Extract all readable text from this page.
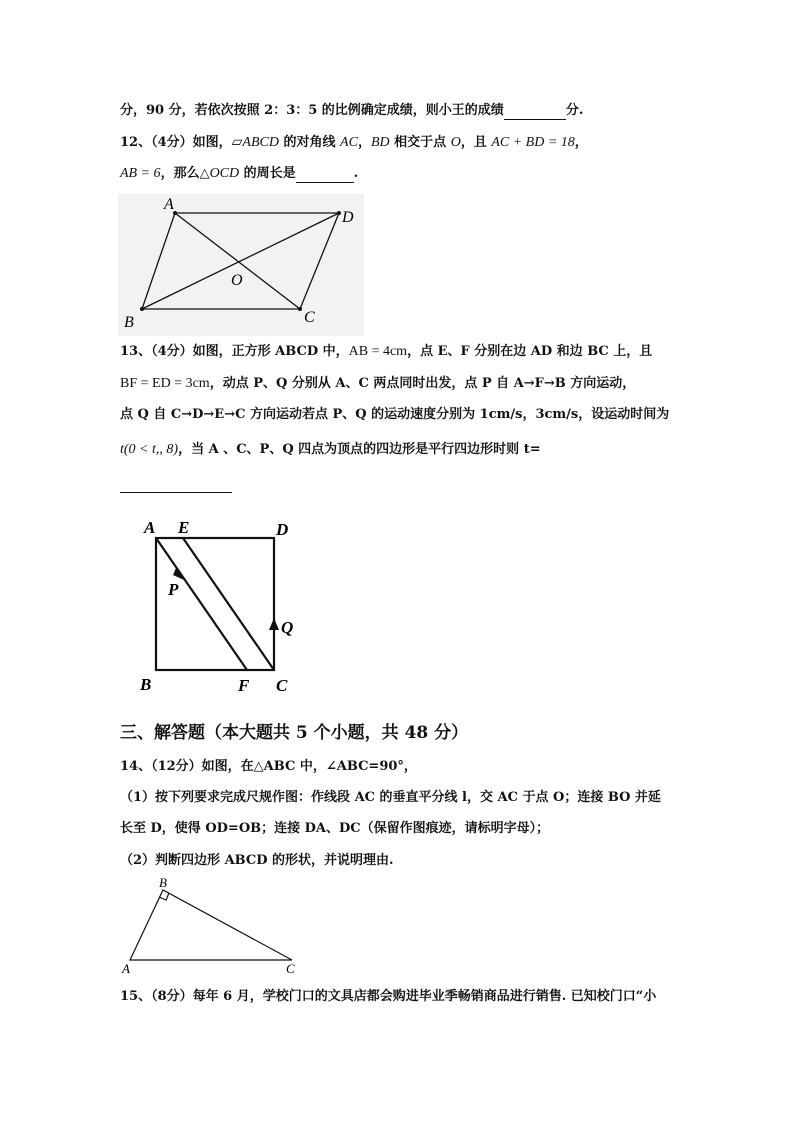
分，90 分，若依次按照 2：3：5 的比例确定成绩，则小王的成绩	分.
12、（4分）如图，▱ABCD 的对角线 AC，BD 相交于点 O，且 AC + BD = 18，
AB = 6，那么△OCD 的周长是	.
A
D
O
C
B
13、（4分）如图，正方形 ABCD 中，AB = 4cm，点 E、F 分别在边 AD 和边 BC 上，且
BF = ED = 3cm，动点 P、Q 分别从 A、C 两点同时出发，点 P 自 A→F→B 方向运动，
点 Q 自 C→D→E→C 方向运动若点 P、Q 的运动速度分别为 1cm/s，3cm/s，设运动时间为
t(0 < t,, 8)，当 A 、C、P、Q 四点为顶点的四边形是平行四边形时则 t=
A E	D
P
Q
B	F C
三、解答题（本大题共 5 个小题，共 48 分）
14、（12分）如图，在△ABC 中，∠ABC=90°，
（1）按下列要求完成尺规作图：作线段 AC 的垂直平分线 l，交 AC 于点 O；连接 BO 并延
长至 D，使得 OD=OB；连接 DA、DC（保留作图痕迹，请标明字母）；
（2）判断四边形 ABCD 的形状，并说明理由.
B
A	C
15、（8分）每年 6 月，学校门口的文具店都会购进毕业季畅销商品进行销售. 已知校门口“小
